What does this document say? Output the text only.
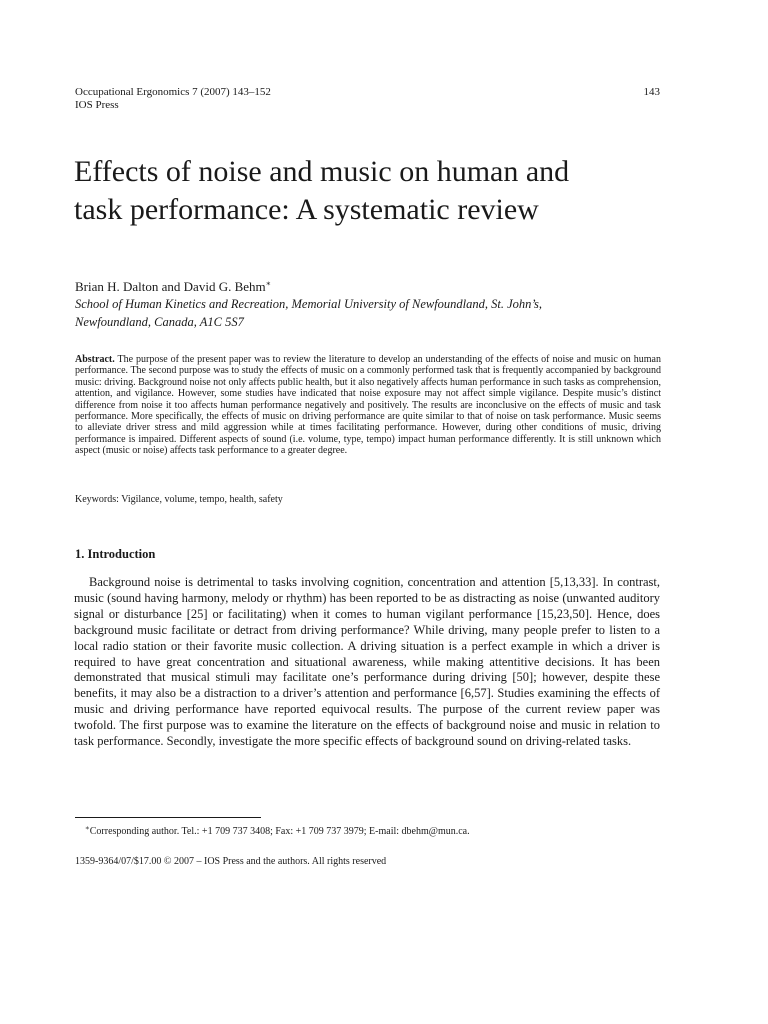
Occupational Ergonomics 7 (2007) 143–152
IOS Press
143
Effects of noise and music on human and
task performance: A systematic review
Brian H. Dalton and David G. Behm∗
School of Human Kinetics and Recreation, Memorial University of Newfoundland, St. John’s,
Newfoundland, Canada, A1C 5S7

Abstract. The purpose of the present paper was to review the literature to develop an understanding of the effects of noise and music on human performance. The second purpose was to study the effects of music on a commonly performed task that is frequently accompanied by background music: driving. Background noise not only affects public health, but it also negatively affects human performance in such tasks as comprehension, attention, and vigilance. However, some studies have indicated that noise exposure may not affect simple vigilance. Despite music’s distinct difference from noise it too affects human performance negatively and positively. The results are inconclusive on the effects of music and task performance. More specifically, the effects of music on driving performance are quite similar to that of noise on task performance. Music seems to alleviate driver stress and mild aggression while at times facilitating performance. However, during other conditions of music, driving performance is impaired. Different aspects of sound (i.e. volume, type, tempo) impact human performance differently. It is still unknown which aspect (music or noise) affects task performance to a greater degree.

Keywords: Vigilance, volume, tempo, health, safety
1. Introduction

Background noise is detrimental to tasks involving cognition, concentration and attention [5,13,33]. In contrast, music (sound having harmony, melody or rhythm) has been reported to be as distracting as noise (unwanted auditory signal or disturbance [25] or facilitating) when it comes to human vigilant performance [15,23,50]. Hence, does background music facilitate or detract from driving performance? While driving, many people prefer to listen to a local radio station or their favorite music collection. A driving situation is a perfect example in which a driver is required to have great concentration and situational awareness, while making attentitive decisions. It has been demonstrated that musical stimuli may facilitate one’s performance during driving [50]; however, despite these benefits, it may also be a distraction to a driver’s attention and performance [6,57]. Studies examining the effects of music and driving performance have reported equivocal results. The purpose of the current review paper was twofold. The first purpose was to examine the literature on the effects of background noise and music in relation to task performance. Secondly, investigate the more specific effects of background sound on driving-related tasks.

∗Corresponding author. Tel.: +1 709 737 3408; Fax: +1 709 737 3979; E-mail: dbehm@mun.ca.
1359-9364/07/$17.00 © 2007 – IOS Press and the authors. All rights reserved
